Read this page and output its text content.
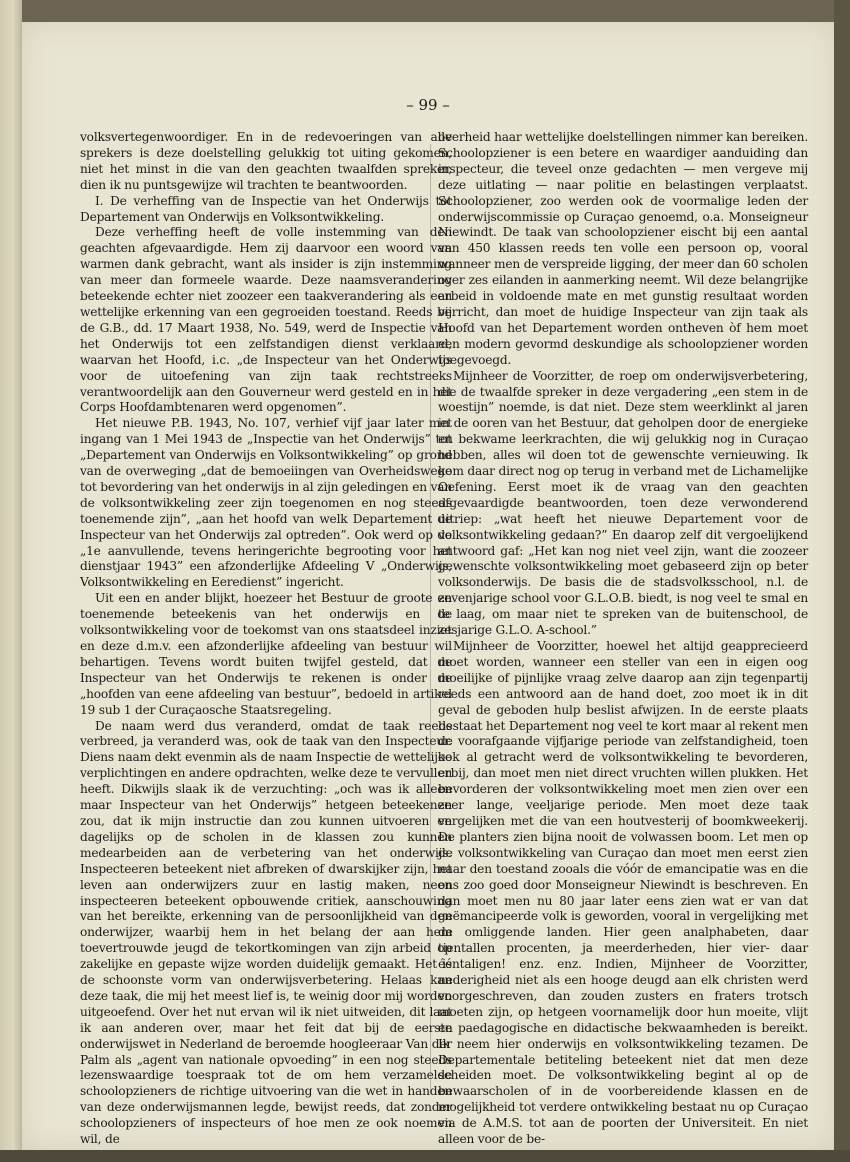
– 99 –

volksvertegenwoordiger. En in de redevoeringen van alle sprekers is deze doelstelling gelukkig tot uiting gekomen, niet het minst in die van den geachten twaalfden spreker, dien ik nu puntsgewijze wil trachten te beantwoorden.

I. De verheffing van de Inspectie van het Onderwijs tot Departement van Onderwijs en Volksontwikkeling.

Deze verheffing heeft de volle instemming van den geachten afgevaardigde. Hem zij daarvoor een woord van warmen dank gebracht, want als insider is zijn instemming van meer dan formeele waarde. Deze naamsverandering beteekende echter niet zoozeer een taakverandering als een wettelijke erkenning van een gegroeiden toestand. Reeds bij de G.B., dd. 17 Maart 1938, No. 549, werd de Inspectie van het Onderwijs tot een zelfstandigen dienst verklaard, waarvan het Hoofd, i.c. „de Inspecteur van het Onderwijs voor de uitoefening van zijn taak rechtstreeks verantwoordelijk aan den Gouverneur werd gesteld en in het Corps Hoofdambtenaren werd opgenomen”.

Het nieuwe P.B. 1943, No. 107, verhief vijf jaar later met ingang van 1 Mei 1943 de „Inspectie van het Onderwijs” tot „Departement van Onderwijs en Volksontwikkeling” op grond van de overweging „dat de bemoeiingen van Overheidswege tot bevordering van het onderwijs in al zijn geledingen en van de volksontwikkeling zeer zijn toegenomen en nog steeds toenemende zijn”, „aan het hoofd van welk Departement de Inspecteur van het Onderwijs zal optreden”. Ook werd op de „1e aanvullende, tevens heringerichte begrooting voor het dienstjaar 1943” een afzonderlijke Afdeeling V „Onderwijs, Volksontwikkeling en Eeredienst” ingericht.

Uit een en ander blijkt, hoezeer het Bestuur de groote en toenemende beteekenis van het onderwijs en de volksontwikkeling voor de toekomst van ons staatsdeel inziet en deze d.m.v. een afzonderlijke afdeeling van bestuur wil behartigen. Tevens wordt buiten twijfel gesteld, dat de Inspecteur van het Onderwijs te rekenen is onder de „hoofden van eene afdeeling van bestuur”, bedoeld in artikel 19 sub 1 der Curaçaosche Staatsregeling.

De naam werd dus veranderd, omdat de taak reeds verbreed, ja veranderd was, ook de taak van den Inspecteur. Diens naam dekt evenmin als de naam Inspectie de wettelijke verplichtingen en andere opdrachten, welke deze te vervullen heeft. Dikwijls slaak ik de verzuchting: „och was ik alleen maar Inspecteur van het Onderwijs” hetgeen beteekenen zou, dat ik mijn instructie dan zou kunnen uitvoeren en dagelijks op de scholen in de klassen zou kunnen medearbeiden aan de verbetering van het onderwijs. Inspecteeren beteekent niet afbreken of dwarskijker zijn, het leven aan onderwijzers zuur en lastig maken, neen inspecteeren beteekent opbouwende critiek, aanschouwing van het bereikte, erkenning van de persoonlijkheid van den onderwijzer, waarbij hem in het belang der aan hem toevertrouwde jeugd de tekortkomingen van zijn arbeid op zakelijke en gepaste wijze worden duidelijk gemaakt. Het is de schoonste vorm van onderwijsverbetering. Helaas kan deze taak, die mij het meest lief is, te weinig door mij worden uitgeoefend. Over het nut ervan wil ik niet uitweiden, dit laat ik aan anderen over, maar het feit dat bij de eerste onderwijswet in Nederland de beroemde hoogleeraar Van der Palm als „agent van nationale opvoeding” in een nog steeds lezenswaardige toespraak tot de om hem verzamelde schoolopzieners de richtige uitvoering van die wet in handen van deze onderwijsmannen legde, bewijst reeds, dat zonder schoolopzieners of inspecteurs of hoe men ze ook noemen wil, de

overheid haar wettelijke doelstellingen nimmer kan bereiken. Schoolopziener is een betere en waardiger aanduiding dan inspecteur, die teveel onze gedachten — men vergeve mij deze uitlating — naar politie en belastingen verplaatst. Schoolopziener, zoo werden ook de voormalige leden der onderwijscommissie op Curaçao genoemd, o.a. Monseigneur Niewindt. De taak van schoolopziener eischt bij een aantal van 450 klassen reeds ten volle een persoon op, vooral wanneer men de verspreide ligging, der meer dan 60 scholen over zes eilanden in aanmerking neemt. Wil deze belangrijke arbeid in voldoende mate en met gunstig resultaat worden verricht, dan moet de huidige Inspecteur van zijn taak als Hoofd van het Departement worden ontheven òf hem moet een modern gevormd deskundige als schoolopziener worden toegevoegd.

Mijnheer de Voorzitter, de roep om onderwijsverbetering, die de twaalfde spreker in deze vergadering „een stem in de woestijn” noemde, is dat niet. Deze stem weerklinkt al jaren in de ooren van het Bestuur, dat geholpen door de energieke en bekwame leerkrachten, die wij gelukkig nog in Curaçao hebben, alles wil doen tot de gewenschte vernieuwing. Ik kom daar direct nog op terug in verband met de Lichamelijke Oefening. Eerst moet ik de vraag van den geachten afgevaardigde beantwoorden, toen deze verwonderend uitriep: „wat heeft het nieuwe Departement voor de volksontwikkeling gedaan?” En daarop zelf dit vergoelijkend antwoord gaf: „Het kan nog niet veel zijn, want die zoozeer gewenschte volksontwikkeling moet gebaseerd zijn op beter volksonderwijs. De basis die de stadsvolksschool, n.l. de zevenjarige school voor G.L.O.B. biedt, is nog veel te smal en te laag, om maar niet te spreken van de buitenschool, de zesjarige G.L.O. A-school.”

Mijnheer de Voorzitter, hoewel het altijd geapprecieerd moet worden, wanneer een steller van een in eigen oog moeilijke of pijnlijke vraag zelve daarop aan zijn tegenpartij reeds een antwoord aan de hand doet, zoo moet ik in dit geval de geboden hulp beslist afwijzen. In de eerste plaats bestaat het Departement nog veel te kort maar al rekent men de voorafgaande vijfjarige periode van zelfstandigheid, toen ook al getracht werd de volksontwikkeling te bevorderen, erbij, dan moet men niet direct vruchten willen plukken. Het bevorderen der volksontwikkeling moet men zien over een zeer lange, veeljarige periode. Men moet deze taak vergelijken met die van een houtvesterij of boomkweekerij. De planters zien bijna nooit de volwassen boom. Let men op de volksontwikkeling van Curaçao dan moet men eerst zien naar den toestand zooals die vóór de emancipatie was en die ons zoo goed door Monseigneur Niewindt is beschreven. En dan moet men nu 80 jaar later eens zien wat er van dat geëmancipeerde volk is geworden, vooral in vergelijking met de omliggende landen. Hier geen analphabeten, daar tientallen procenten, ja meerderheden, hier vier- daar ééntaligen! enz. enz. Indien, Mijnheer de Voorzitter, nederigheid niet als een hooge deugd aan elk christen werd voorgeschreven, dan zouden zusters en fraters trotsch moeten zijn, op hetgeen voornamelijk door hun moeite, vlijt en paedagogische en didactische bekwaamheden is bereikt. Ik neem hier onderwijs en volksontwikkeling tezamen. De Departementale betiteling beteekent niet dat men deze scheiden moet. De volksontwikkeling begint al op de bewaarscholen of in de voorbereidende klassen en de mogelijkheid tot verdere ontwikkeling bestaat nu op Curaçao via de A.M.S. tot aan de poorten der Universiteit. En niet alleen voor de be-
